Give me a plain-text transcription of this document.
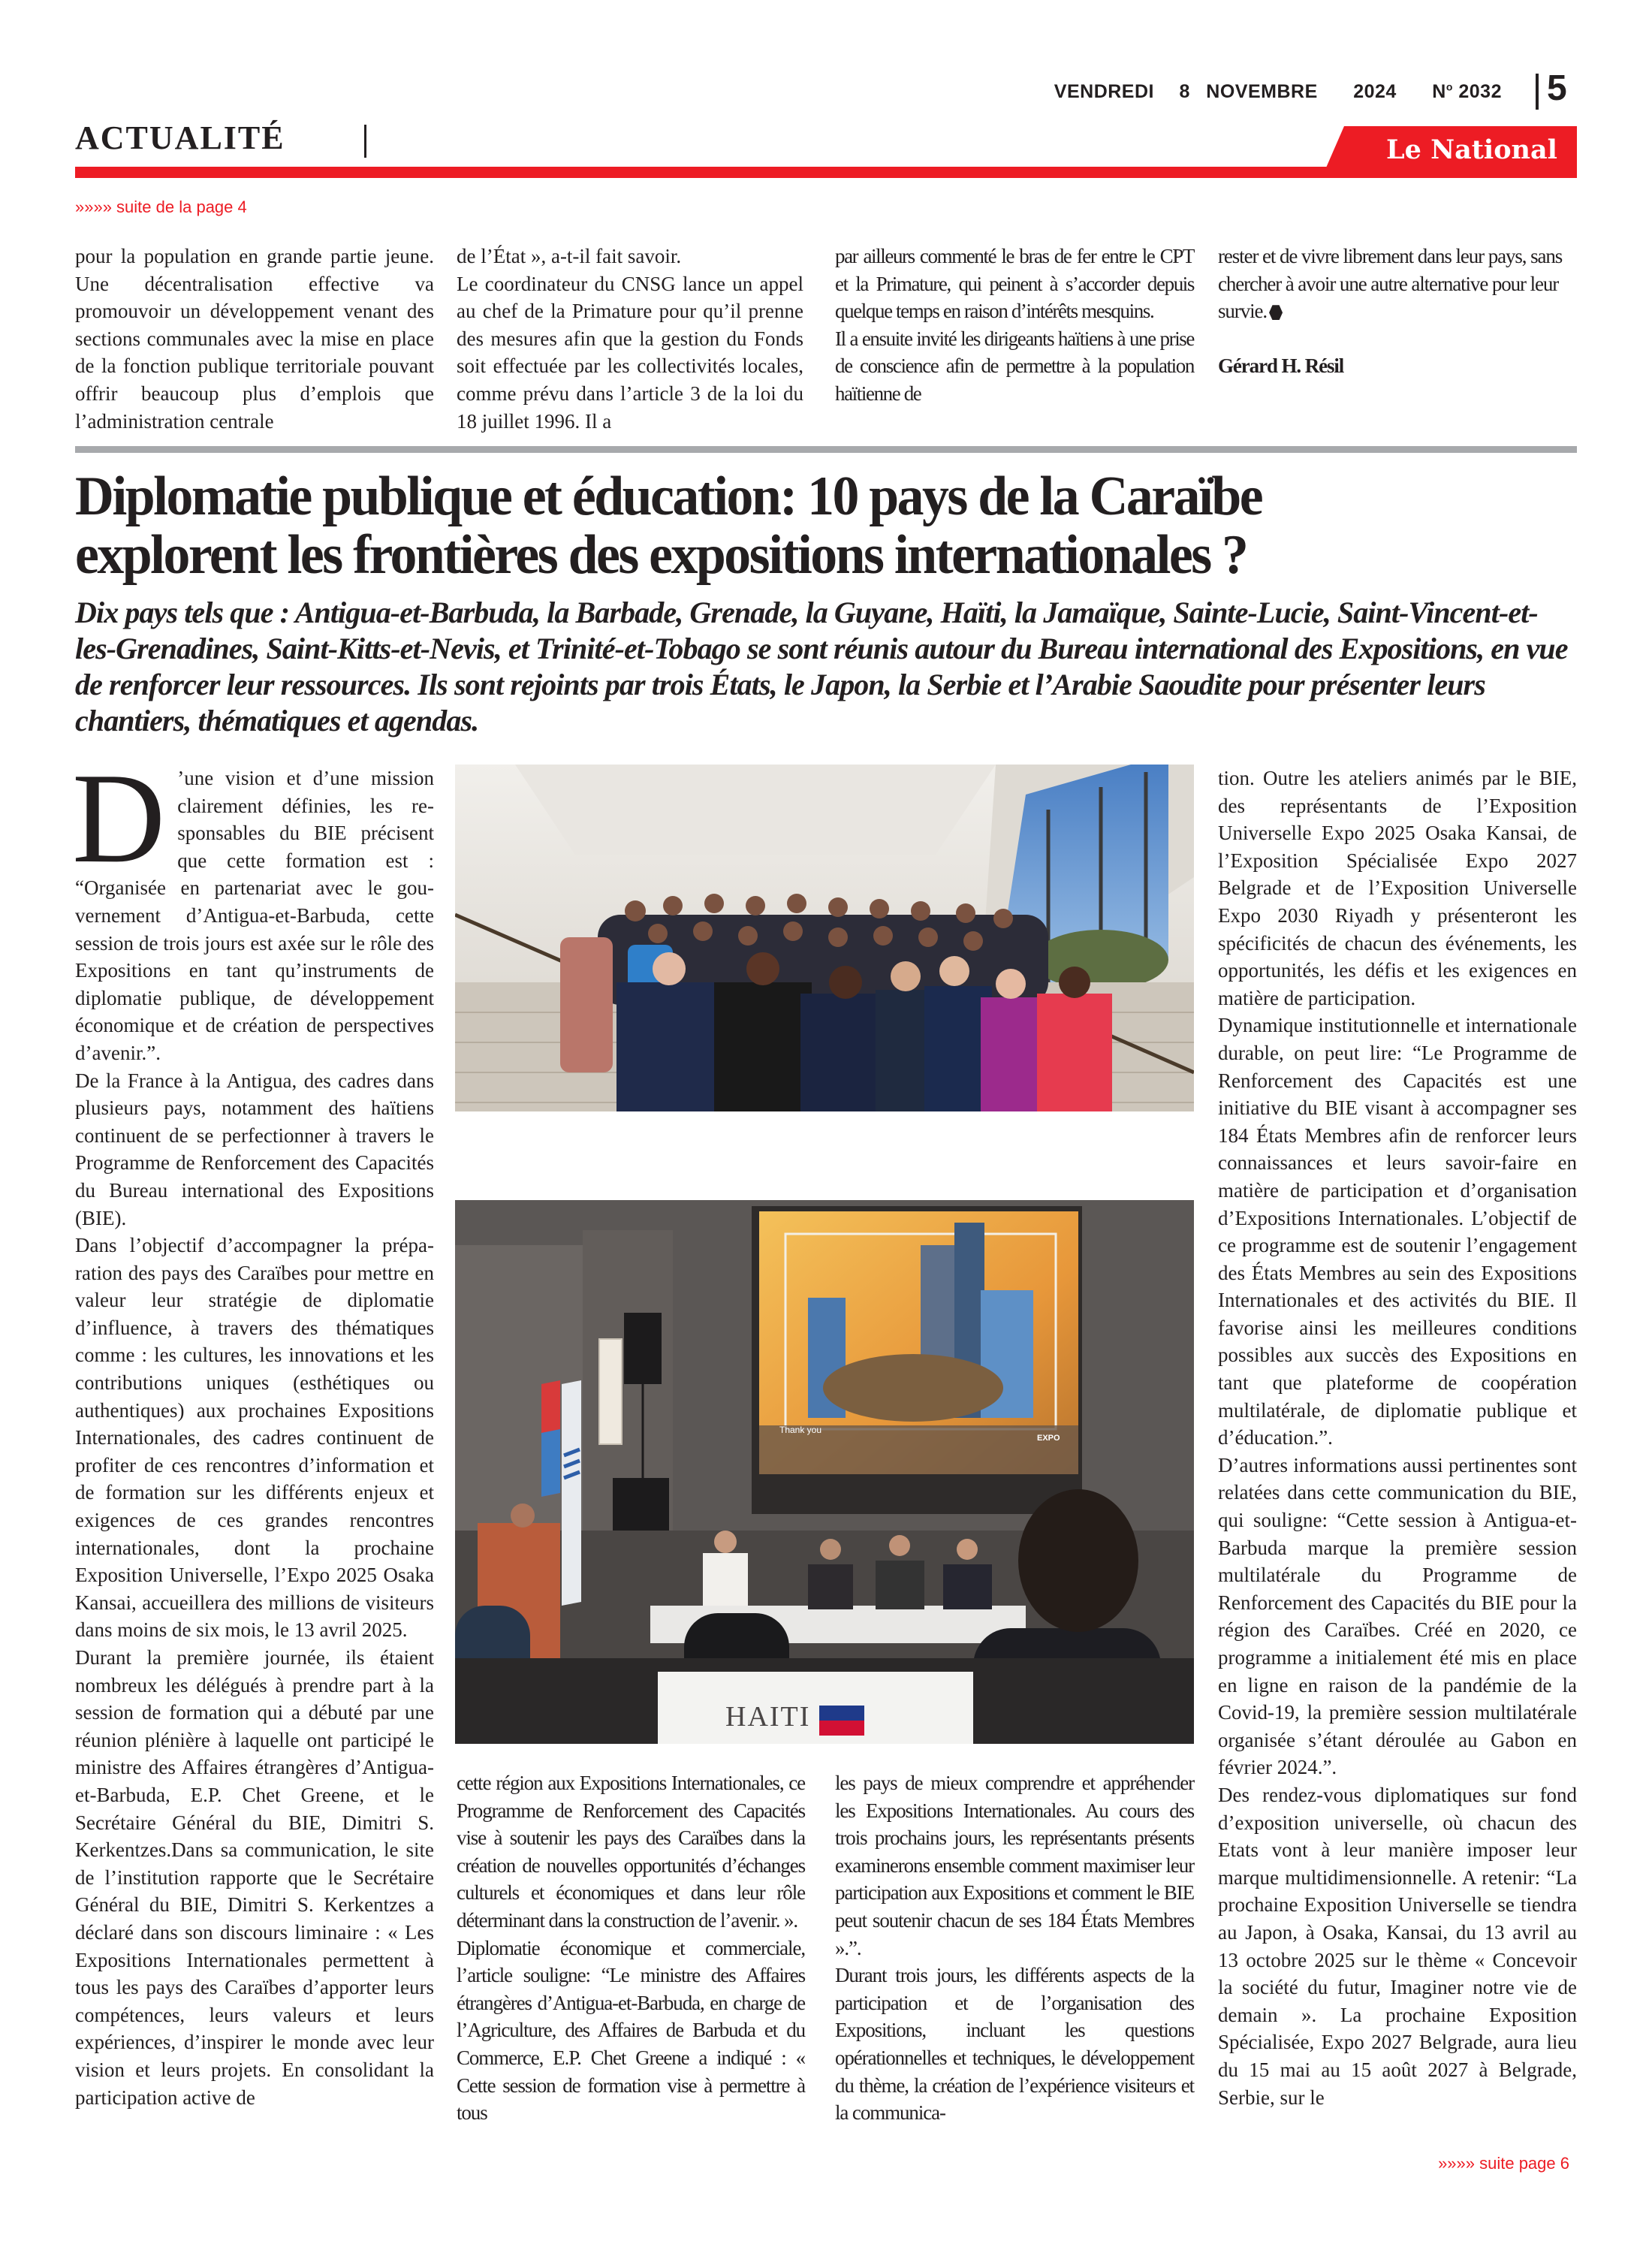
VENDREDI 8 NOVEMBRE 2024 $N^o$ 2032 5
ACTUALITÉ	Le National
»»»» suite de la page 4

pour la population en grande partie jeune. Une décentralisation effective va promouvoir un développement venant des sections communales avec la mise en place de la fonction publique territoriale pouvant offrir beaucoup plus d’emplois que l’administration centrale

de l’État », a-t-il fait savoir.

Le coordinateur du CNSG lance un appel au chef de la Primature pour qu’il prenne des mesures afin que la gestion du Fonds soit effectuée par les collectivités locales, comme prévu dans l’article 3 de la loi du 18 juillet 1996. Il a

par ailleurs commenté le bras de fer entre le CPT et la Primature, qui peinent à s’accorder depuis quelque temps en raison d’intérêts mesquins.

Il a ensuite invité les dirigeants haïtiens à une prise de conscience afin de permettre à la population haïtienne de

rester et de vivre librement dans leur pays, sans chercher à avoir une autre alternative pour leur survie.

Gérard H. Résil

Diplomatie publique et éducation: 10 pays de la Caraïbe
explorent les frontières des expositions internationales ?
Dix pays tels que : Antigua-et-Barbuda, la Barbade, Grenade, la Guyane, Haïti, la Jamaïque, Sainte-Lucie, Saint-Vincent-et-les-Grenadines, Saint-Kitts-et-Nevis, et Trinité-et-Tobago se sont réunis autour du Bureau international des Expositions, en vue de renforcer leur ressources. Ils sont rejoints par trois États, le Japon, la Serbie et l’Arabie Saoudite pour présenter leurs chantiers, thématiques et agendas.

D ’une vision et d’une mission clairement définies, les responsables du BIE précisent que cette formation est : “Organisée en partenariat avec le gouvernement d’Antigua-et-Barbuda, cette session de trois jours est axée sur le rôle des Expositions en tant qu’instruments de diplomatie publique, de développement économique et de création de perspectives d’avenir.”.

De la France à la Antigua, des cadres dans plusieurs pays, notamment des haïtiens continuent de se perfectionner à travers le Programme de Renforcement des Capacités du Bureau international des Expositions (BIE).

Dans l’objectif d’accompagner la préparation des pays des Caraïbes pour mettre en valeur leur stratégie de diplomatie d’influence, à travers des thématiques comme : les cultures, les innovations et les contributions uniques (esthétiques ou authentiques) aux prochaines Expositions Internationales, des cadres continuent de profiter de ces rencontres d’information et de formation sur les différents enjeux et exigences de ces grandes rencontres internationales, dont la prochaine Exposition Universelle, l’Expo 2025 Osaka Kansai, accueillera des millions de visiteurs dans moins de six mois, le 13 avril 2025.

Durant la première journée, ils étaient nombreux les délégués à prendre part à la session de formation qui a débuté par une réunion plénière à laquelle ont participé le ministre des Affaires étrangères d’Antigua-et-Barbuda, E.P. Chet Greene, et le Secrétaire Général du BIE, Dimitri S. Kerkentzes.Dans sa communication, le site de l’institution rapporte que le Secrétaire Général du BIE, Dimitri S. Kerkentzes a déclaré dans son discours liminaire : « Les Expositions Internationales permettent à tous les pays des Caraïbes d’apporter leurs compétences, leurs valeurs et leurs expériences, d’inspirer le monde avec leur vision et leurs projets. En consolidant la participation active de

Thank you
EXPO
HAITI

cette région aux Expositions Internationales, ce Programme de Renforcement des Capacités vise à soutenir les pays des Caraïbes dans la création de nouvelles opportunités d’échanges culturels et économiques et dans leur rôle déterminant dans la construction de l’avenir. ».

Diplomatie économique et commerciale, l’article souligne: “Le ministre des Affaires étrangères d’Antigua-et-Barbuda, en charge de l’Agriculture, des Affaires de Barbuda et du Commerce, E.P. Chet Greene a indiqué : « Cette session de formation vise à permettre à tous

les pays de mieux comprendre et appréhender les Expositions Internationales. Au cours des trois prochains jours, les représentants présents examinerons ensemble comment maximiser leur participation aux Expositions et comment le BIE peut soutenir chacun de ses 184 États Membres ».”.

Durant trois jours, les différents aspects de la participation et de l’organisation des Expositions, incluant les questions opérationnelles et techniques, le développement du thème, la création de l’expérience visiteurs et la communica-

tion. Outre les ateliers animés par le BIE, des représentants de l’Exposition Universelle Expo 2025 Osaka Kansai, de l’Exposition Spécialisée Expo 2027 Belgrade et de l’Exposition Universelle Expo 2030 Riyadh y présenteront les spécificités de chacun des événements, les opportunités, les défis et les exigences en matière de participation.

Dynamique institutionnelle et internationale durable, on peut lire: “Le Programme de Renforcement des Capacités est une initiative du BIE visant à accompagner ses 184 États Membres afin de renforcer leurs connaissances et leurs savoir-faire en matière de participation et d’organisation d’Expositions Internationales. L’objectif de ce programme est de soutenir l’engagement des États Membres au sein des Expositions Internationales et des activités du BIE. Il favorise ainsi les meilleures conditions possibles aux succès des Expositions en tant que plateforme de coopération multilatérale, de diplomatie publique et d’éducation.”.

D’autres informations aussi pertinentes sont relatées dans cette communication du BIE, qui souligne: “Cette session à Antigua-et-Barbuda marque la première session multilatérale du Programme de Renforcement des Capacités du BIE pour la région des Caraïbes. Créé en 2020, ce programme a initialement été mis en place en ligne en raison de la pandémie de la Covid-19, la première session multilatérale organisée s’étant déroulée au Gabon en février 2024.”.

Des rendez-vous diplomatiques sur fond d’exposition universelle, où chacun des Etats vont à leur manière imposer leur marque multidimensionnelle. A retenir: “La prochaine Exposition Universelle se tiendra au Japon, à Osaka, Kansai, du 13 avril au 13 octobre 2025 sur le thème « Concevoir la société du futur, Imaginer notre vie de demain ». La prochaine Exposition Spécialisée, Expo 2027 Belgrade, aura lieu du 15 mai au 15 août 2027 à Belgrade, Serbie, sur le

»»»» suite page 6
